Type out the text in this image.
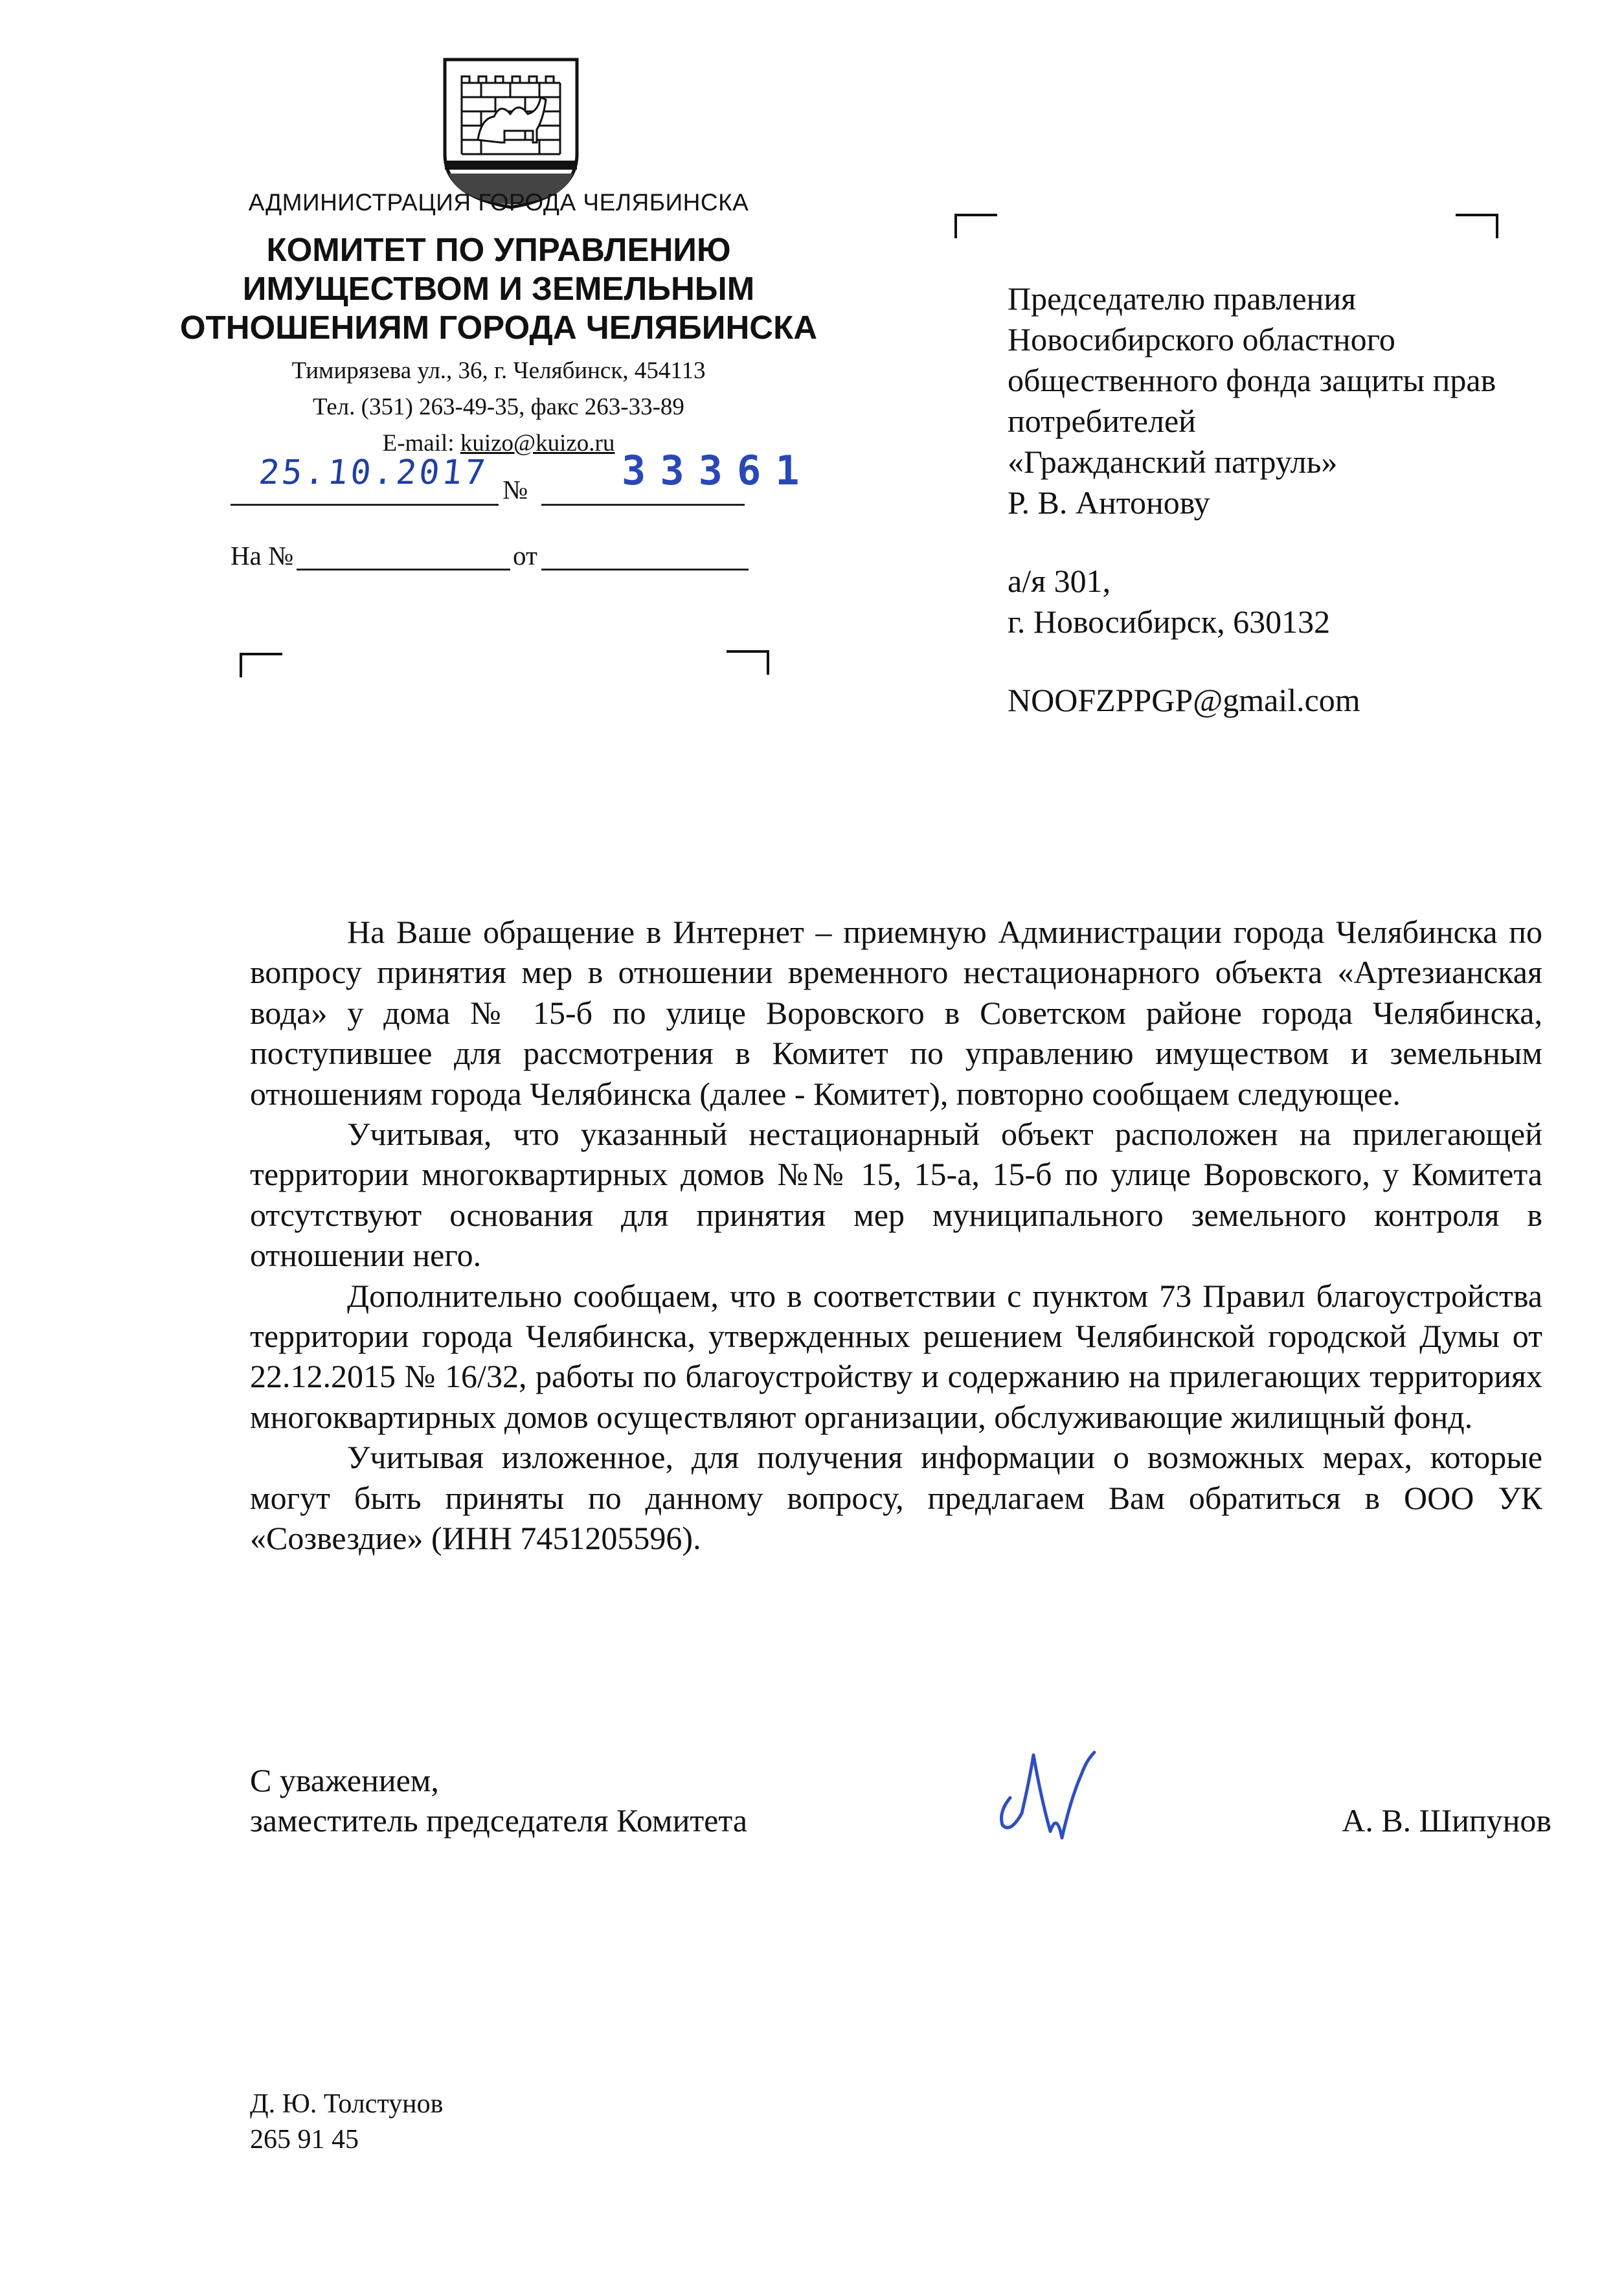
АДМИНИСТРАЦИЯ ГОРОДА ЧЕЛЯБИНСКА
КОМИТЕТ ПО УПРАВЛЕНИЮ
ИМУЩЕСТВОМ И ЗЕМЕЛЬНЫМ
ОТНОШЕНИЯМ ГОРОДА ЧЕЛЯБИНСКА
Тимирязева ул., 36, г. Челябинск, 454113
Тел. (351) 263-49-35, факс 263-33-89
E-mail: kuizo@kuizo.ru
25.10.2017 № 33361
На №	от
Председателю правления
Новосибирского областного
общественного фонда защиты прав
потребителей
«Гражданский патруль»
Р. В. Антонову
а/я 301,
г. Новосибирск, 630132
NOOFZPPGP@gmail.com

На Ваше обращение в Интернет – приемную Администрации города Челябинска по вопросу принятия мер в отношении временного нестационарного объекта «Артезианская вода» у дома № 15-б по улице Воровского в Советском районе города Челябинска, поступившее для рассмотрения в Комитет по управлению имуществом и земельным отношениям города Челябинска (далее - Комитет), повторно сообщаем следующее.

Учитывая, что указанный нестационарный объект расположен на прилегающей территории многоквартирных домов №№ 15, 15-а, 15-б по улице Воровского, у Комитета отсутствуют основания для принятия мер муниципального земельного контроля в отношении него.

Дополнительно сообщаем, что в соответствии с пунктом 73 Правил благоустройства территории города Челябинска, утвержденных решением Челябинской городской Думы от 22.12.2015 № 16/32, работы по благоустройству и содержанию на прилегающих территориях многоквартирных домов осуществляют организации, обслуживающие жилищный фонд.

Учитывая изложенное, для получения информации о возможных мерах, которые могут быть приняты по данному вопросу, предлагаем Вам обратиться в ООО УК «Созвездие» (ИНН 7451205596).

С уважением,
заместитель председателя Комитета	А. В. Шипунов
Д. Ю. Толстунов
265 91 45
